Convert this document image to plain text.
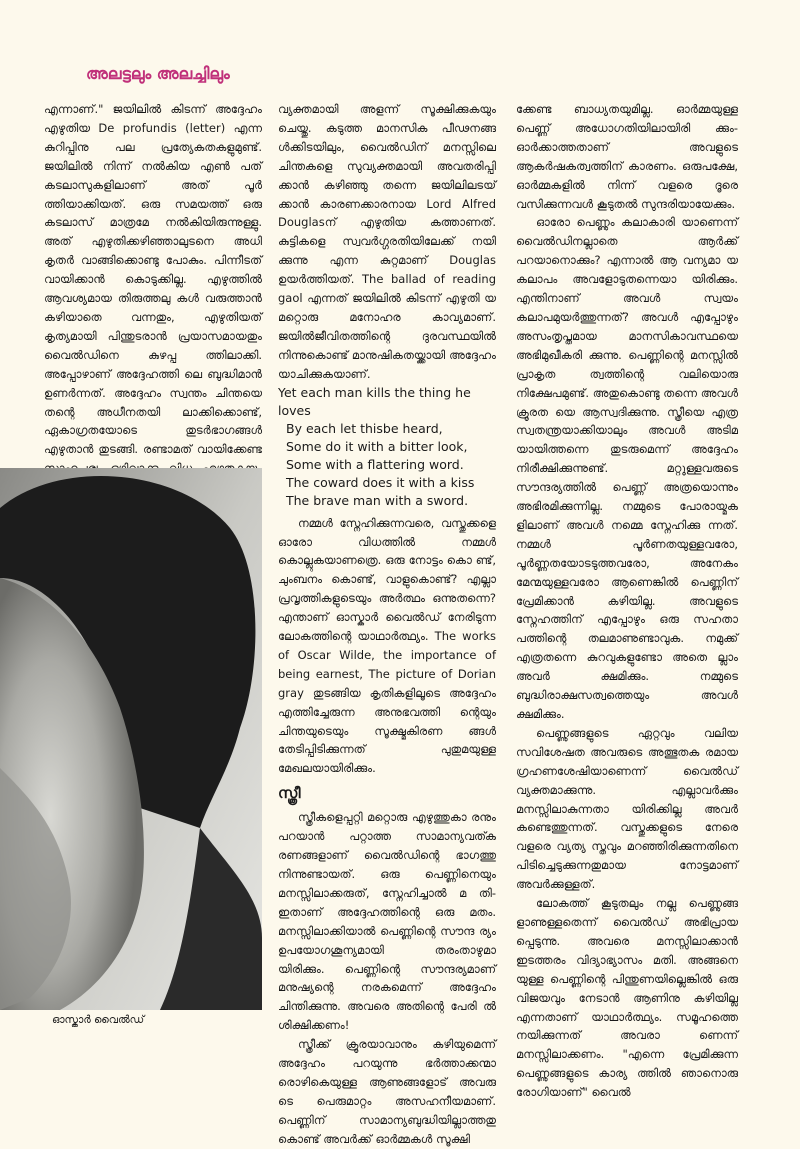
അലട്ടലും അലച്ചിലും

എന്നാണ്." ജയിലിൽ കിടന്ന് അദ്ദേഹം എഴുതിയ De profundis (letter) എന്ന കുറിപ്പിനു പല പ്രത്യേകതകളുമുണ്ട്. ജയിലിൽ നിന്ന് നൽകിയ എൺ പത് കടലാസുകളിലാണ് അത് പൂർ ത്തിയാക്കിയത്. ഒരു സമയത്ത് ഒരു കടലാസ് മാത്രമേ നൽകിയിരുന്നുള്ളു. അത് എഴുതിക്കഴിഞ്ഞാലുടനെ അധി കൃതർ വാങ്ങിക്കൊണ്ടു പോകും. പിന്നീടത് വായിക്കാൻ കൊടുക്കില്ല. എഴുത്തിൽ ആവശ്യമായ തിരുത്തലു കൾ വരുത്താൻ കഴിയാതെ വന്നതും, എഴുതിയത് കൃത്യമായി പിന്തുടരാൻ പ്രയാസമായതും വൈൽഡിനെ കുഴപ്പ ത്തിലാക്കി. അപ്പോഴാണ് അദ്ദേഹത്തി ലെ ബുദ്ധിമാൻ ഉണർന്നത്. അദ്ദേഹം സ്വന്തം ചിന്തയെ തന്റെ അധീനതയി ലാക്കിക്കൊണ്ട്, ഏകാഗ്രതയോടെ തുടർഭാഗങ്ങൾ എഴുതാൻ തുടങ്ങി. രണ്ടാമത് വായിക്കേണ്ട

ഓസ്കാർ വൈൽഡ്

വ്യക്തമായി അളന്ന് സൂക്ഷിക്കുകയും ചെയ്തു. കടുത്ത മാനസിക പീഢനങ്ങ ൾക്കിടയിലും, വൈൽഡിന് മനസ്സിലെ ചിന്തകളെ സുവ്യക്തമായി അവതരിപ്പി ക്കാൻ കഴിഞ്ഞു തന്നെ ജയിലിലടയ് ക്കാൻ കാരണക്കാരനായ Lord Alfred Douglasന് എഴുതിയ കത്താണത്. കുട്ടികളെ സ്വവർഗ്ഗരതിയിലേക്ക് നയി ക്കുന്നു എന്ന കുറ്റമാണ് Douglas ഉയർത്തിയത്. The ballad of reading gaol എന്നത് ജയിലിൽ കിടന്ന് എഴുതി യ മറ്റൊരു മനോഹര കാവ്യമാണ്. ജയിൽജീവിതത്തിന്റെ ദുരവസ്ഥയിൽ നിന്നുകൊണ്ട് മാനുഷികതയ്ക്കായി അദ്ദേഹം യാചിക്കുകയാണ്.

Yet each man kills the thing he loves

By each let thisbe heard,

Some do it with a bitter look,

Some with a flattering word.

The coward does it with a kiss

The brave man with a sword.

നമ്മൾ സ്നേഹിക്കുന്നവരെ, വസ്തുക്കളെ ഓരോ വിധത്തിൽ നമ്മൾ കൊല്ലുകയാണത്രെ. ഒരു നോട്ടം കൊ ണ്ട്, ചുംബനം കൊണ്ട്, വാളുകൊണ്ട്? എല്ലാ പ്രവൃത്തികളുടെയും അർത്ഥം ഒന്നുതന്നെ? എന്താണ് ഓസ്കാർ വൈൽഡ് നേരിടുന്ന ലോകത്തിന്റെ യാഥാർത്ഥ്യം. The works of Oscar Wilde, the importance of being earnest, The picture of Dorian gray തുടങ്ങിയ കൃതികളിലൂടെ അദ്ദേഹം എത്തിച്ചേരുന്ന അനുഭവത്തി ന്റെയും ചിന്തയുടെയും സൂക്ഷ്മകിരണ ങ്ങൾ തേടിപ്പിടിക്കുന്നത് പുതുമയുള്ള മേഖലയായിരിക്കും.

സ്ത്രീ

സ്ത്രീകളെപ്പറ്റി മറ്റൊരു എഴുത്തുകാ രനും പറയാൻ പറ്റാത്ത സാമാന്യവത്ക രണങ്ങളാണ് വൈൽഡിന്റെ ഭാഗത്തു നിന്നുണ്ടായത്. ഒരു പെണ്ണിനെയും മനസ്സിലാക്കരുത്, സ്നേഹിച്ചാൽ മ തി-ഇതാണ് അദ്ദേഹത്തിന്റെ ഒരു മതം. മനസ്സിലാക്കിയാൽ പെണ്ണിന്റെ സൗന്ദ ര്യം ഉപയോഗശൂന്യമായി തരംതാഴുമാ യിരിക്കും. പെണ്ണിന്റെ സൗന്ദര്യമാണ് മനുഷ്യന്റെ നരകമെന്ന് അദ്ദേഹം ചിന്തിക്കുന്നു. അവരെ അതിന്റെ പേരി ൽ ശിക്ഷിക്കണം!

സ്ത്രീക്ക് ക്രൂരയാവാനും കഴിയുമെന്ന് അദ്ദേഹം പറയുന്നു ഭർത്താക്കന്മാ രൊഴികെയുള്ള ആണുങ്ങളോട് അവരു ടെ പെരുമാറ്റം അസഹനീയമാണ്. പെണ്ണിന് സാമാന്യബുദ്ധിയില്ലാത്തതു കൊണ്ട് അവർക്ക് ഓർമ്മകൾ സൂക്ഷി

ക്കേണ്ട ബാധ്യതയുമില്ല. ഓർമ്മയുള്ള പെണ്ണ് അധോഗതിയിലായിരി ക്കും-ഓർക്കാത്തതാണ് അവളുടെ ആകർഷകത്വത്തിന് കാരണം. ഒരുപക്ഷേ, ഓർമ്മകളിൽ നിന്ന് വളരെ ദൂരെ വസിക്കുന്നവൾ കൂടുതൽ സുന്ദരിയായേക്കും.

ഓരോ പെണ്ണും കലാകാരി യാണെന്ന് വൈൽഡിനല്ലാതെ ആർക്ക് പറയാനൊക്കും? എന്നാൽ ആ വന്യമാ യ കലാപം അവളോടുതന്നെയാ യിരിക്കും. എന്തിനാണ് അവൾ സ്വയം കലാപമുയർത്തുന്നത്? അവൾ എപ്പോഴും അസംതൃപ്തമായ മാനസികാവസ്ഥയെ അഭിമുഖീകരി ക്കുന്നു. പെണ്ണിന്റെ മനസ്സിൽ പ്രാകൃത ത്വത്തിന്റെ വലിയൊരു നിക്ഷേപമുണ്ട്. അതുകൊണ്ടു തന്നെ അവൾ ക്രൂരത യെ ആസ്വദിക്കുന്നു. സ്ത്രീയെ എത്ര സ്വതന്ത്രയാക്കിയാലും അവൾ അടിമ യായിത്തന്നെ തുടരുമെന്ന് അദ്ദേഹം നിരീക്ഷിക്കുന്നുണ്ട്. മറ്റുള്ളവരുടെ സൗന്ദര്യത്തിൽ പെണ്ണ് അത്രയൊന്നും അഭിരമിക്കുന്നില്ല. നമ്മുടെ പോരായ്മക ളിലാണ് അവൾ നമ്മെ സ്നേഹിക്കു ന്നത്. നമ്മൾ പൂർണതയുള്ളവരോ, പൂർണ്ണതയോടടുത്തവരോ, അനേകം മേന്മയുള്ളവരോ ആണെങ്കിൽ പെണ്ണിന് പ്രേമിക്കാൻ കഴിയില്ല. അവളുടെ സ്നേഹത്തിന് എപ്പോഴും ഒരു സഹതാ പത്തിന്റെ തലമാണുണ്ടാവുക. നമുക്ക് എത്രതന്നെ കുറവുകളുണ്ടോ അതെ ല്ലാം അവർ ക്ഷമിക്കും. നമ്മുടെ ബുദ്ധിരാക്ഷസത്വത്തെയും അവൾ ക്ഷമിക്കും.

പെണ്ണുങ്ങളുടെ ഏറ്റവും വലിയ സവിശേഷത അവരുടെ അത്ഭുതക രമായ ഗ്രഹണശേഷിയാണെന്ന് വൈൽഡ് വ്യക്തമാക്കുന്നു. എല്ലാവർക്കും മനസ്സിലാകുന്നതാ യിരിക്കില്ല അവർ കണ്ടെത്തുന്നത്. വസ്തുക്കളുടെ നേരെ വളരെ വ്യത്യ സ്തവും മറഞ്ഞിരിക്കുന്നതിനെ പിടിച്ചെടുക്കുന്നതുമായ നോട്ടമാണ് അവർക്കുള്ളത്.

ലോകത്ത് കൂടുതലും നല്ല പെണ്ണുങ്ങ ളാണുള്ളതെന്ന് വൈൽഡ് അഭിപ്രായ പ്പെടുന്നു. അവരെ മനസ്സിലാക്കാൻ ഇടത്തരം വിദ്യാഭ്യാസം മതി. അങ്ങനെ യുള്ള പെണ്ണിന്റെ പിന്തുണയില്ലെങ്കിൽ ഒരു വിജയവും നേടാൻ ആണിനു കഴിയില്ല എന്നതാണ് യാഥാർത്ഥ്യം. സമൂഹത്തെ നയിക്കുന്നത് അവരാ ണെന്ന് മനസ്സിലാക്കണം. "എന്നെ പ്രേമിക്കുന്ന പെണ്ണുങ്ങളുടെ കാര്യ ത്തിൽ ഞാനൊരു രോഗിയാണ്" വൈൽ
